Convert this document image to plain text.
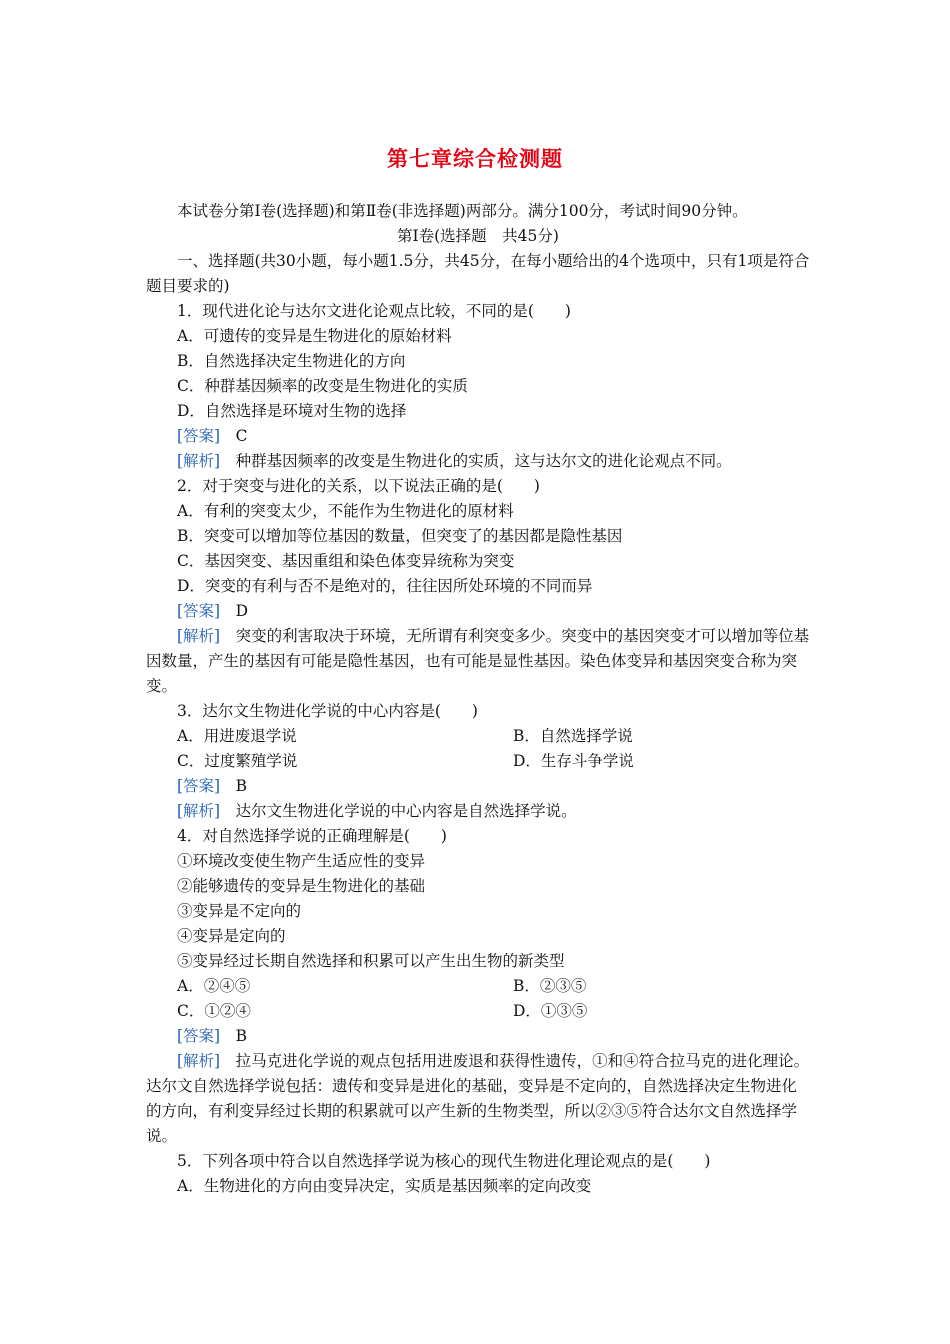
第七章综合检测题
本试卷分第Ⅰ卷(选择题)和第Ⅱ卷(非选择题)两部分。满分100分，考试时间90分钟。
第Ⅰ卷(选择题　共45分)
一、选择题(共30小题，每小题1.5分，共45分，在每小题给出的4个选项中，只有1项是符合题目要求的)
1．现代进化论与达尔文进化论观点比较，不同的是(　　)
A．可遗传的变异是生物进化的原始材料
B．自然选择决定生物进化的方向
C．种群基因频率的改变是生物进化的实质
D．自然选择是环境对生物的选择
[答案]　C
[解析]　种群基因频率的改变是生物进化的实质，这与达尔文的进化论观点不同。
2．对于突变与进化的关系，以下说法正确的是(　　)
A．有利的突变太少，不能作为生物进化的原材料
B．突变可以增加等位基因的数量，但突变了的基因都是隐性基因
C．基因突变、基因重组和染色体变异统称为突变
D．突变的有利与否不是绝对的，往往因所处环境的不同而异
[答案]　D
[解析]　突变的利害取决于环境，无所谓有利突变多少。突变中的基因突变才可以增加等位基因数量，产生的基因有可能是隐性基因，也有可能是显性基因。染色体变异和基因突变合称为突变。
3．达尔文生物进化学说的中心内容是(　　)
A．用进废退学说	B．自然选择学说
C．过度繁殖学说	D．生存斗争学说
[答案]　B
[解析]　达尔文生物进化学说的中心内容是自然选择学说。
4．对自然选择学说的正确理解是(　　)
①环境改变使生物产生适应性的变异
②能够遗传的变异是生物进化的基础
③变异是不定向的
④变异是定向的
⑤变异经过长期自然选择和积累可以产生出生物的新类型
A．②④⑤	B．②③⑤
C．①②④	D．①③⑤
[答案]　B
[解析]　拉马克进化学说的观点包括用进废退和获得性遗传，①和④符合拉马克的进化理论。达尔文自然选择学说包括：遗传和变异是进化的基础，变异是不定向的，自然选择决定生物进化的方向，有利变异经过长期的积累就可以产生新的生物类型，所以②③⑤符合达尔文自然选择学说。
5．下列各项中符合以自然选择学说为核心的现代生物进化理论观点的是(　　)
A．生物进化的方向由变异决定，实质是基因频率的定向改变
